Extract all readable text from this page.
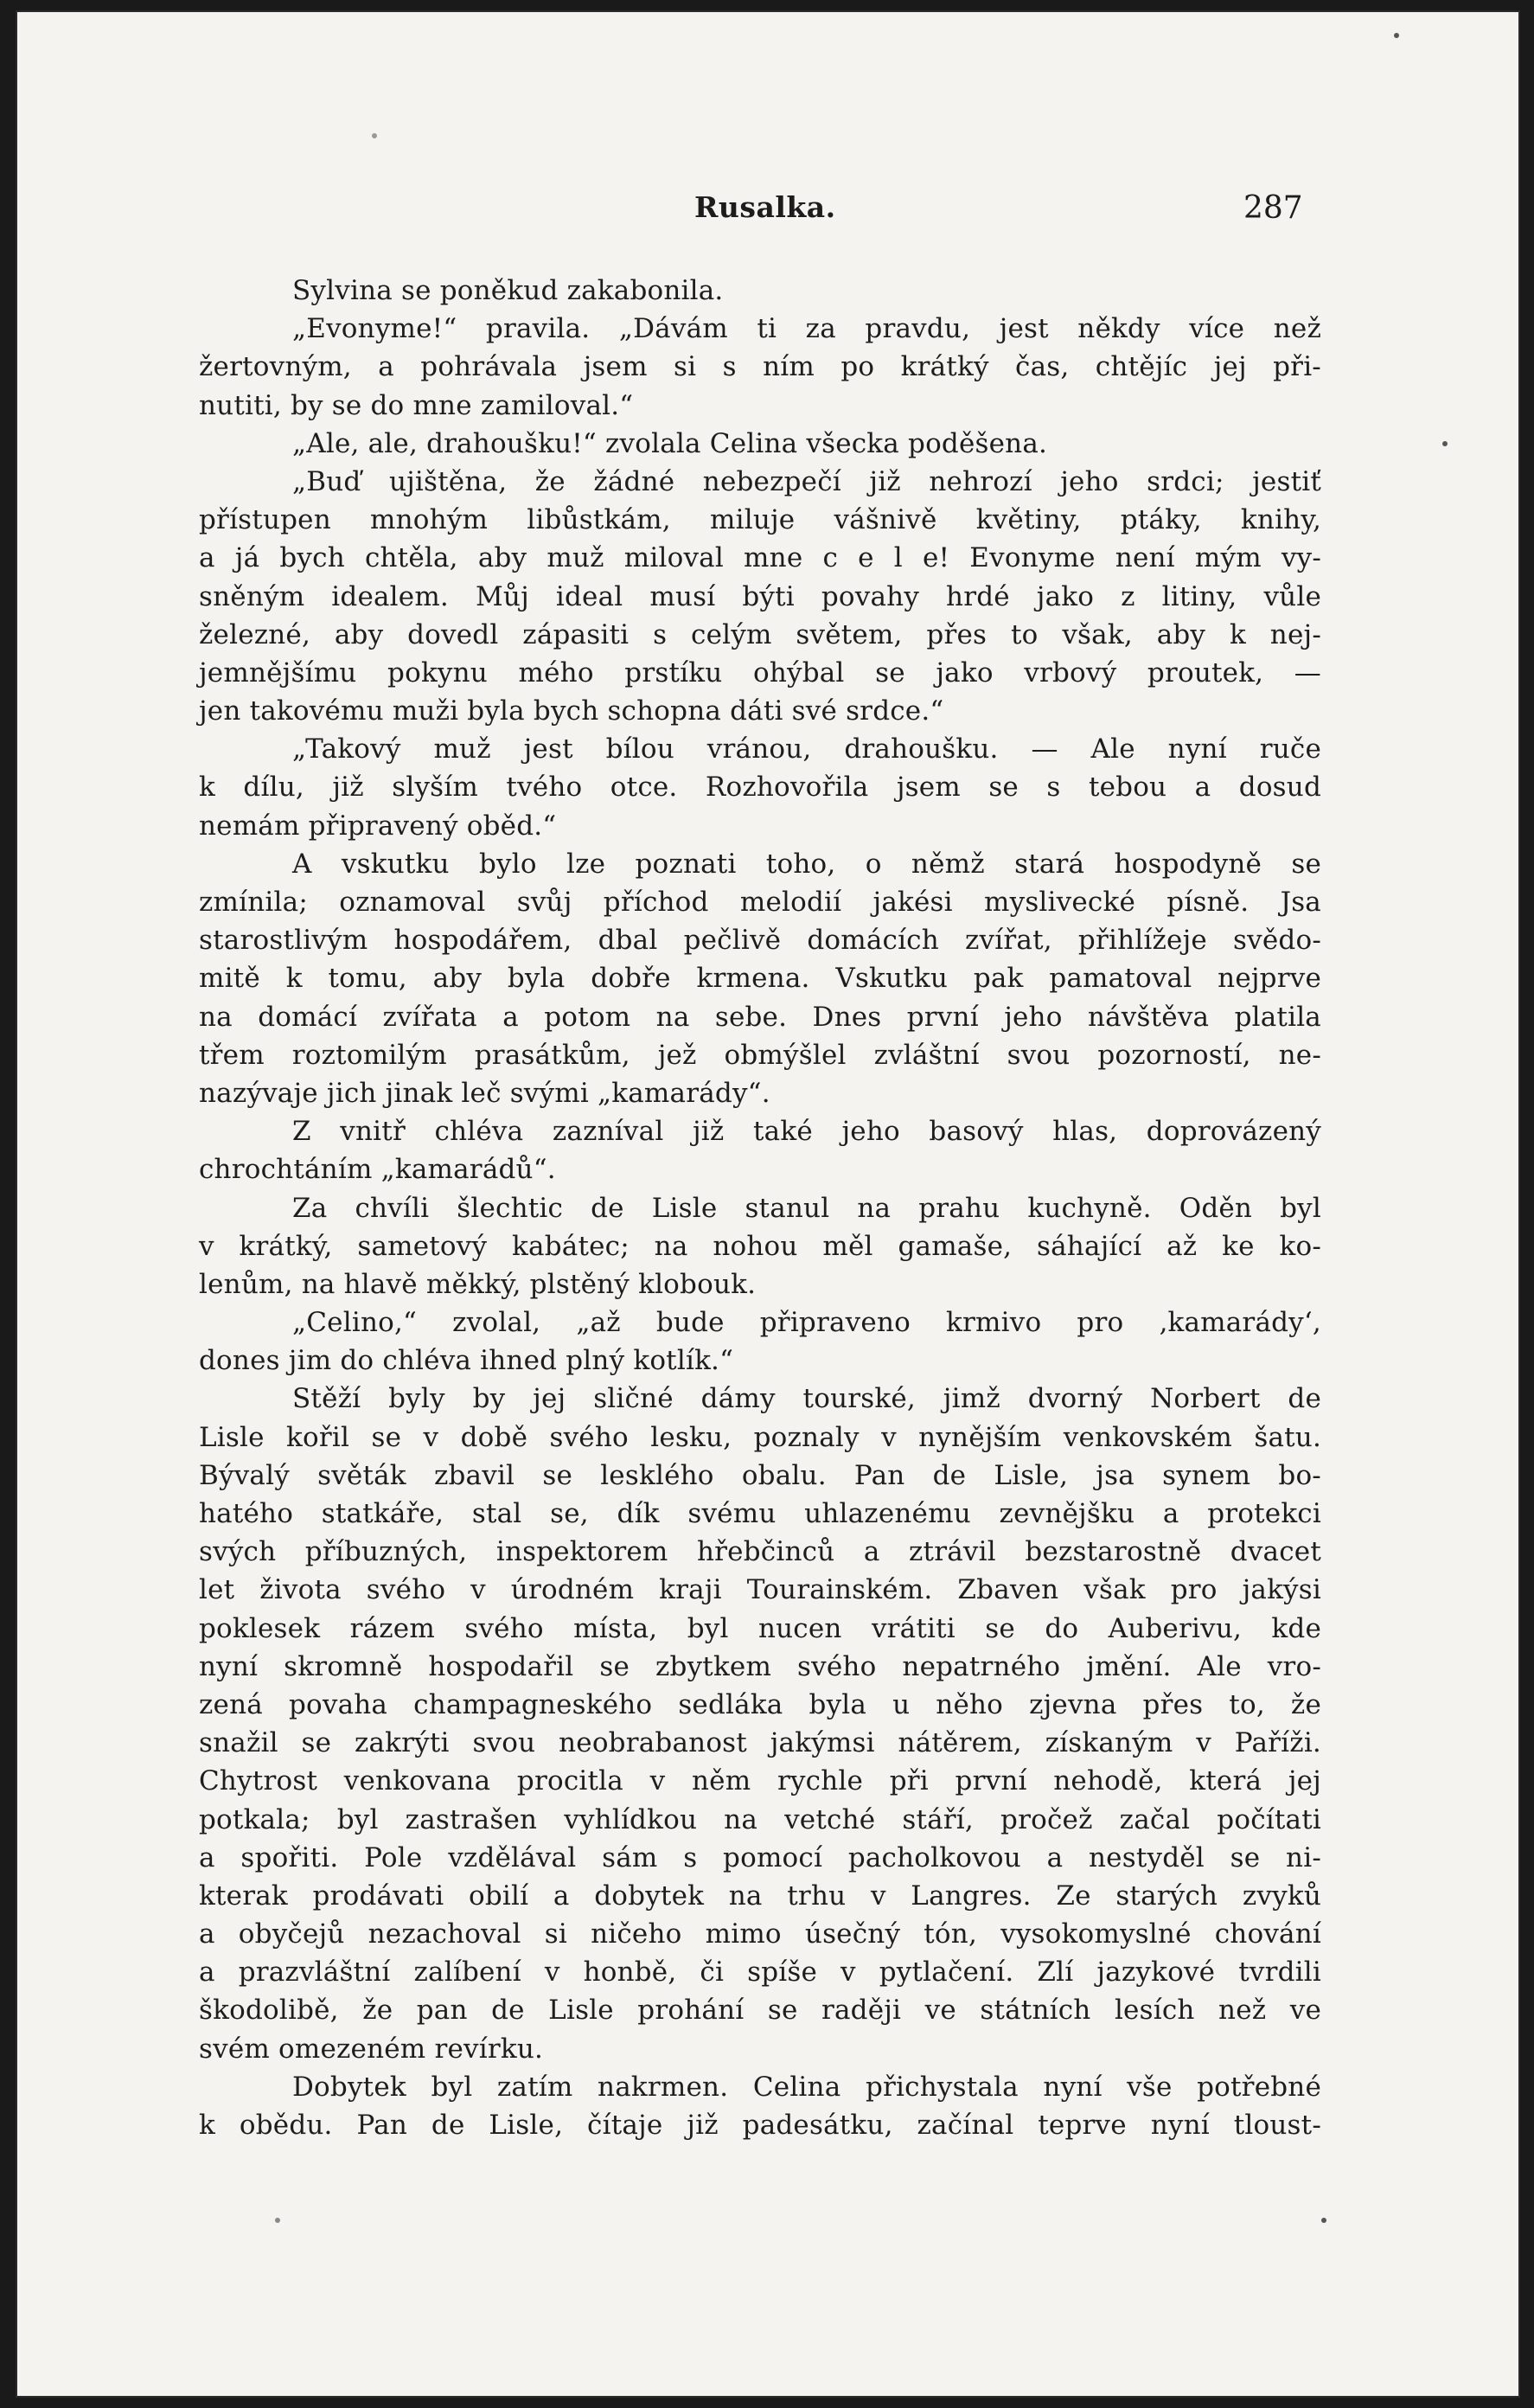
Rusalka.	287
Sylvina se poněkud zakabonila.
„Evonyme!“ pravila. „Dávám ti za pravdu, jest někdy více než
žertovným, a pohrávala jsem si s ním po krátký čas, chtějíc jej při-
nutiti, by se do mne zamiloval.“
„Ale, ale, drahoušku!“ zvolala Celina všecka poděšena.
„Buď ujištěna, že žádné nebezpečí již nehrozí jeho srdci; jestiť
přístupen mnohým libůstkám, miluje vášnivě květiny, ptáky, knihy,
a já bych chtěla, aby muž miloval mne c e l e! Evonyme není mým vy-
sněným idealem. Můj ideal musí býti povahy hrdé jako z litiny, vůle
železné, aby dovedl zápasiti s celým světem, přes to však, aby k nej-
jemnějšímu pokynu mého prstíku ohýbal se jako vrbový proutek, —
jen takovému muži byla bych schopna dáti své srdce.“
„Takový muž jest bílou vránou, drahoušku. — Ale nyní ruče
k dílu, již slyším tvého otce. Rozhovořila jsem se s tebou a dosud
nemám připravený oběd.“
A vskutku bylo lze poznati toho, o němž stará hospodyně se
zmínila; oznamoval svůj příchod melodií jakési myslivecké písně. Jsa
starostlivým hospodářem, dbal pečlivě domácích zvířat, přihlížeje svědo-
mitě k tomu, aby byla dobře krmena. Vskutku pak pamatoval nejprve
na domácí zvířata a potom na sebe. Dnes první jeho návštěva platila
třem roztomilým prasátkům, jež obmýšlel zvláštní svou pozorností, ne-
nazývaje jich jinak leč svými „kamarády“.
Z vnitř chléva zazníval již také jeho basový hlas, doprovázený
chrochtáním „kamarádů“.
Za chvíli šlechtic de Lisle stanul na prahu kuchyně. Oděn byl
v krátký, sametový kabátec; na nohou měl gamaše, sáhající až ke ko-
lenům, na hlavě měkký, plstěný klobouk.
„Celino,“ zvolal, „až bude připraveno krmivo pro ‚kamarády‘,
dones jim do chléva ihned plný kotlík.“
Stěží byly by jej sličné dámy tourské, jimž dvorný Norbert de
Lisle kořil se v době svého lesku, poznaly v nynějším venkovském šatu.
Bývalý světák zbavil se lesklého obalu. Pan de Lisle, jsa synem bo-
hatého statkáře, stal se, dík svému uhlazenému zevnějšku a protekci
svých příbuzných, inspektorem hřebčinců a ztrávil bezstarostně dvacet
let života svého v úrodném kraji Tourainském. Zbaven však pro jakýsi
poklesek rázem svého místa, byl nucen vrátiti se do Auberivu, kde
nyní skromně hospodařil se zbytkem svého nepatrného jmění. Ale vro-
zená povaha champagneského sedláka byla u něho zjevna přes to, že
snažil se zakrýti svou neobrabanost jakýmsi nátěrem, získaným v Paříži.
Chytrost venkovana procitla v něm rychle při první nehodě, která jej
potkala; byl zastrašen vyhlídkou na vetché stáří, pročež začal počítati
a spořiti. Pole vzdělával sám s pomocí pacholkovou a nestyděl se ni-
kterak prodávati obilí a dobytek na trhu v Langres. Ze starých zvyků
a obyčejů nezachoval si ničeho mimo úsečný tón, vysokomyslné chování
a prazvláštní zalíbení v honbě, či spíše v pytlačení. Zlí jazykové tvrdili
škodolibě, že pan de Lisle prohání se raději ve státních lesích než ve
svém omezeném revírku.
Dobytek byl zatím nakrmen. Celina přichystala nyní vše potřebné
k obědu. Pan de Lisle, čítaje již padesátku, začínal teprve nyní tloust-
